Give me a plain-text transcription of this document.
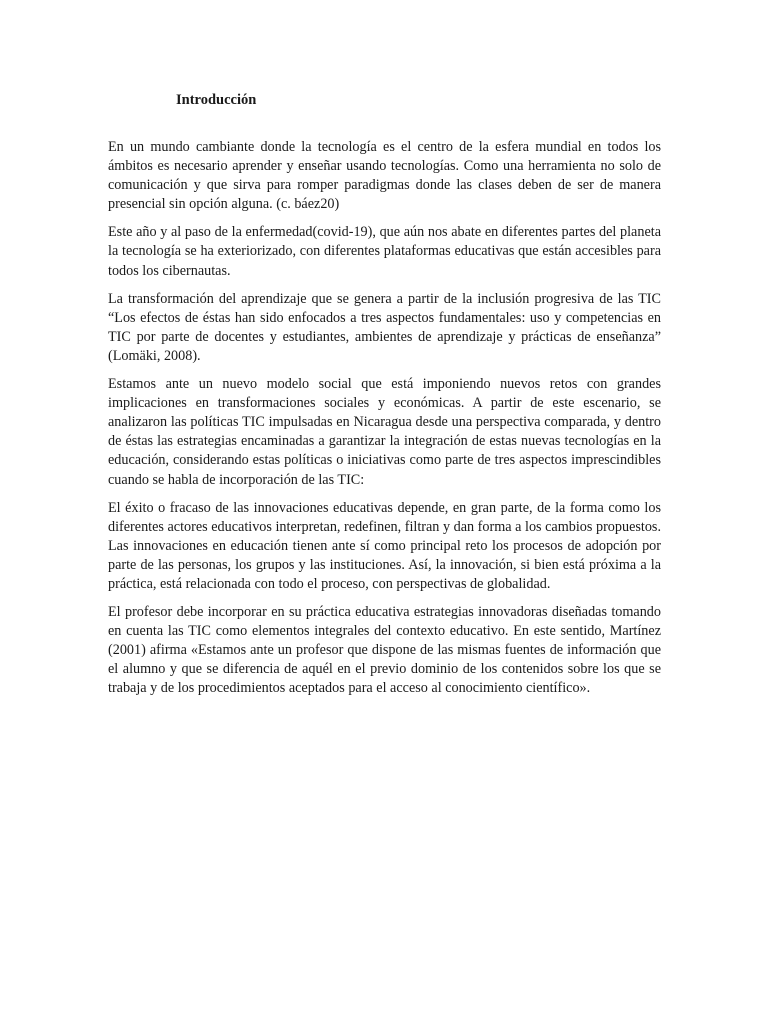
Introducción

En un mundo cambiante donde la tecnología es el centro de la esfera mundial en todos los ámbitos es necesario aprender y enseñar usando tecnologías. Como una herramienta no solo de comunicación y que sirva para romper paradigmas donde las clases deben de ser de manera presencial sin opción alguna. (c. báez20)

Este año y al paso de la enfermedad(covid-19), que aún nos abate en diferentes partes del planeta la tecnología se ha exteriorizado, con diferentes plataformas educativas que están accesibles para todos los cibernautas.

La transformación del aprendizaje que se genera a partir de la inclusión progresiva de las TIC “Los efectos de éstas han sido enfocados a tres aspectos fundamentales: uso y competencias en TIC por parte de docentes y estudiantes, ambientes de aprendizaje y prácticas de enseñanza” (Lomäki, 2008).

Estamos ante un nuevo modelo social que está imponiendo nuevos retos con grandes implicaciones en transformaciones sociales y económicas. A partir de este escenario, se analizaron las políticas TIC impulsadas en Nicaragua desde una perspectiva comparada, y dentro de éstas las estrategias encaminadas a garantizar la integración de estas nuevas tecnologías en la educación, considerando estas políticas o iniciativas como parte de tres aspectos imprescindibles cuando se habla de incorporación de las TIC:

El éxito o fracaso de las innovaciones educativas depende, en gran parte, de la forma como los diferentes actores educativos interpretan, redefinen, filtran y dan forma a los cambios propuestos. Las innovaciones en educación tienen ante sí como principal reto los procesos de adopción por parte de las personas, los grupos y las instituciones. Así, la innovación, si bien está próxima a la práctica, está relacionada con todo el proceso, con perspectivas de globalidad.

El profesor debe incorporar en su práctica educativa estrategias innovadoras diseñadas tomando en cuenta las TIC como elementos integrales del contexto educativo. En este sentido, Martínez (2001) afirma «Estamos ante un profesor que dispone de las mismas fuentes de información que el alumno y que se diferencia de aquél en el previo dominio de los contenidos sobre los que se trabaja y de los procedimientos aceptados para el acceso al conocimiento científico».
